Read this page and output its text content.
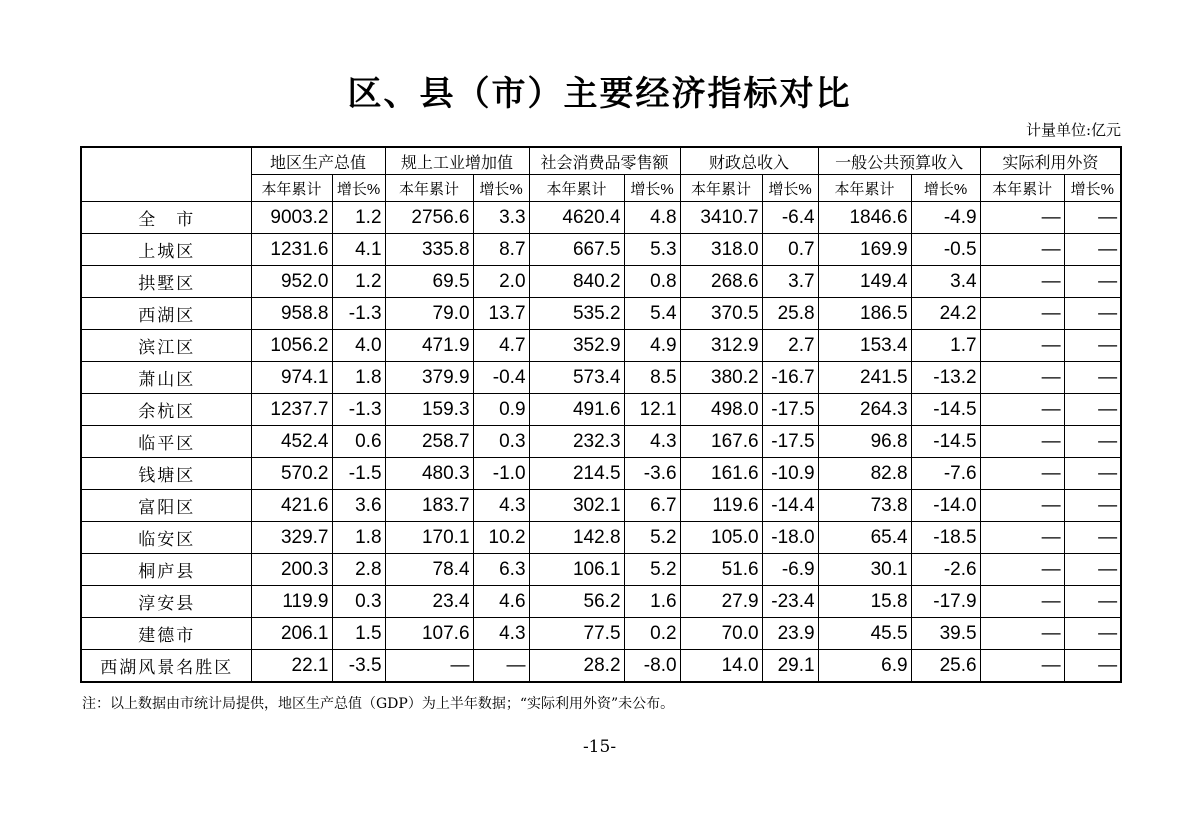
区、县（市）主要经济指标对比
计量单位:亿元
	地区生产总值		规上工业增加值		社会消费品零售额		财政总收入		一般公共预算收入		实际利用外资	
	本年累计	增长%	本年累计	增长%	本年累计	增长%	本年累计	增长%	本年累计	增长%	本年累计	增长%
全　市	9003.2	1.2	2756.6	3.3	4620.4	4.8	3410.7	-6.4	1846.6	-4.9	—	—
上城区	1231.6	4.1	335.8	8.7	667.5	5.3	318.0	0.7	169.9	-0.5	—	—
拱墅区	952.0	1.2	69.5	2.0	840.2	0.8	268.6	3.7	149.4	3.4	—	—
西湖区	958.8	-1.3	79.0	13.7	535.2	5.4	370.5	25.8	186.5	24.2	—	—
滨江区	1056.2	4.0	471.9	4.7	352.9	4.9	312.9	2.7	153.4	1.7	—	—
萧山区	974.1	1.8	379.9	-0.4	573.4	8.5	380.2	-16.7	241.5	-13.2	—	—
余杭区	1237.7	-1.3	159.3	0.9	491.6	12.1	498.0	-17.5	264.3	-14.5	—	—
临平区	452.4	0.6	258.7	0.3	232.3	4.3	167.6	-17.5	96.8	-14.5	—	—
钱塘区	570.2	-1.5	480.3	-1.0	214.5	-3.6	161.6	-10.9	82.8	-7.6	—	—
富阳区	421.6	3.6	183.7	4.3	302.1	6.7	119.6	-14.4	73.8	-14.0	—	—
临安区	329.7	1.8	170.1	10.2	142.8	5.2	105.0	-18.0	65.4	-18.5	—	—
桐庐县	200.3	2.8	78.4	6.3	106.1	5.2	51.6	-6.9	30.1	-2.6	—	—
淳安县	119.9	0.3	23.4	4.6	56.2	1.6	27.9	-23.4	15.8	-17.9	—	—
建德市	206.1	1.5	107.6	4.3	77.5	0.2	70.0	23.9	45.5	39.5	—	—
西湖风景名胜区	22.1	-3.5	—	—	28.2	-8.0	14.0	29.1	6.9	25.6	—	—
注：以上数据由市统计局提供，地区生产总值（GDP）为上半年数据；“实际利用外资”未公布。
-15-
